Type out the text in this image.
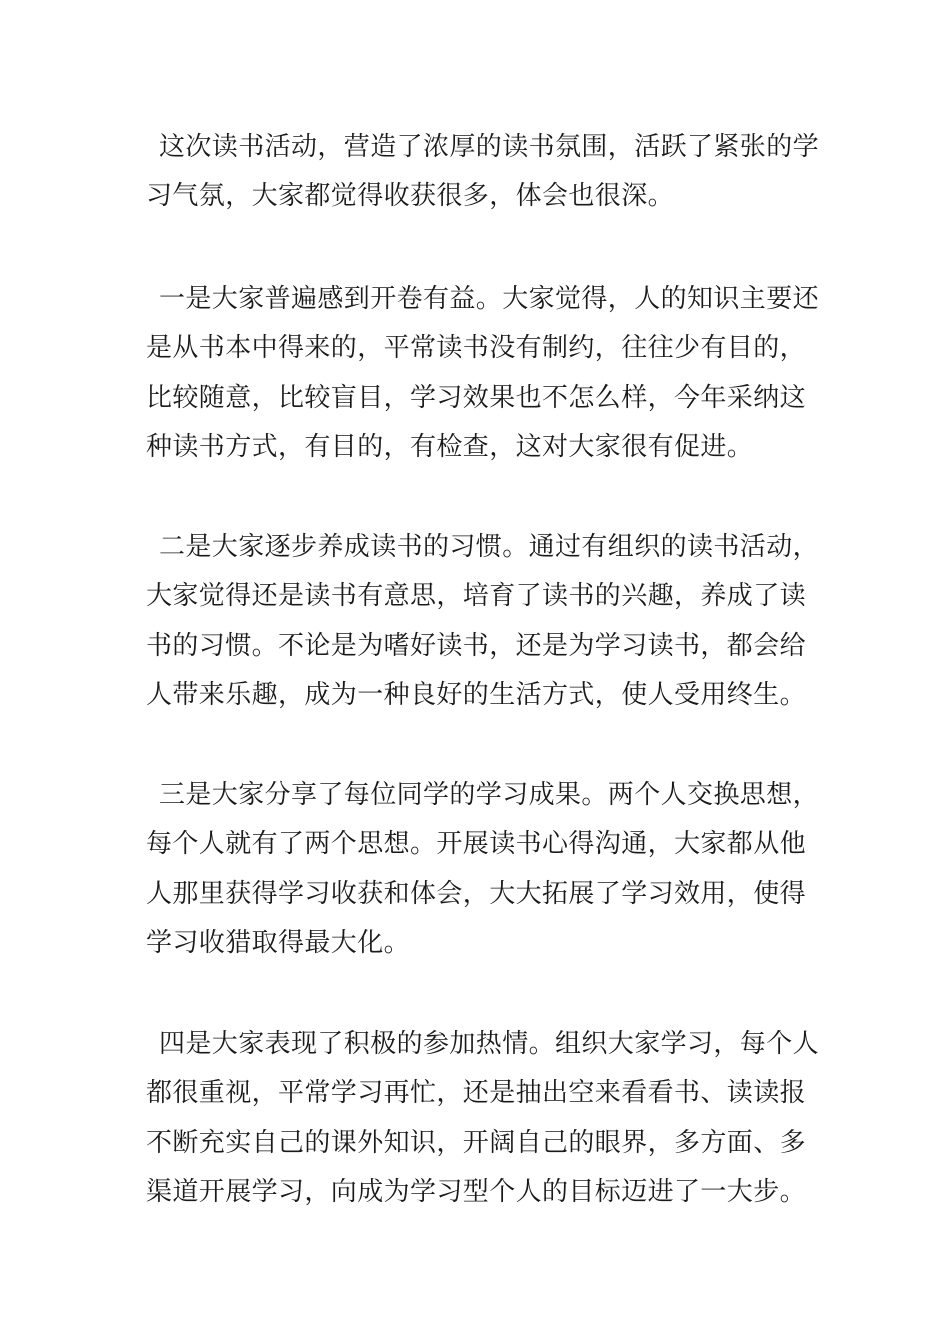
这次读书活动，营造了浓厚的读书氛围，活跃了紧张的学
习气氛，大家都觉得收获很多，体会也很深。

一是大家普遍感到开卷有益。大家觉得，人的知识主要还
是从书本中得来的，平常读书没有制约，往往少有目的，
比较随意，比较盲目，学习效果也不怎么样，今年采纳这
种读书方式，有目的，有检查，这对大家很有促进。

二是大家逐步养成读书的习惯。通过有组织的读书活动，
大家觉得还是读书有意思，培育了读书的兴趣，养成了读
书的习惯。不论是为嗜好读书，还是为学习读书，都会给
人带来乐趣，成为一种良好的生活方式，使人受用终生。

三是大家分享了每位同学的学习成果。两个人交换思想，
每个人就有了两个思想。开展读书心得沟通，大家都从他
人那里获得学习收获和体会，大大拓展了学习效用，使得
学习收猎取得最大化。

四是大家表现了积极的参加热情。组织大家学习，每个人
都很重视，平常学习再忙，还是抽出空来看看书、读读报
不断充实自己的课外知识，开阔自己的眼界，多方面、多
渠道开展学习，向成为学习型个人的目标迈进了一大步。
